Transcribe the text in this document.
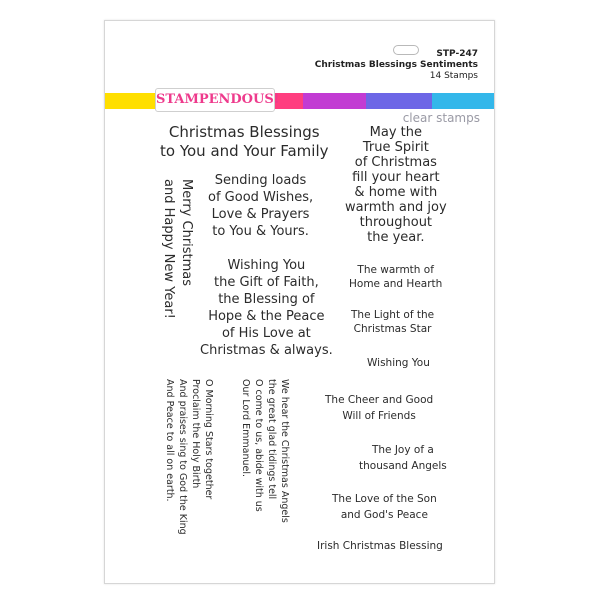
STP-247
Christmas Blessings Sentiments
14 Stamps
STAMPENDOUS!
clear stamps
Christmas Blessings
to You and Your Family
May the
True Spirit
of Christmas
fill your heart
& home with
warmth and joy
throughout
the year.
Sending loads
of Good Wishes,
Love & Prayers
to You & Yours.
Merry Christmas
and Happy New Year!	Wishing You
the Gift of Faith,
the Blessing of
Hope & the Peace
of His Love at
Christmas & always.
The warmth of
Home and Hearth
The Light of the
Christmas Star
Wishing You
The Cheer and Good
Will of Friends
The Joy of a
thousand Angels
The Love of the Son
and God's Peace
Irish Christmas Blessing
O Morning Stars together
Proclaim the Holy Birth
And praises sing to God the King
And Peace to all on earth.	We hear the Christmas Angels
the great glad tidings tell
O come to us, abide with us
Our Lord Emmanuel.
